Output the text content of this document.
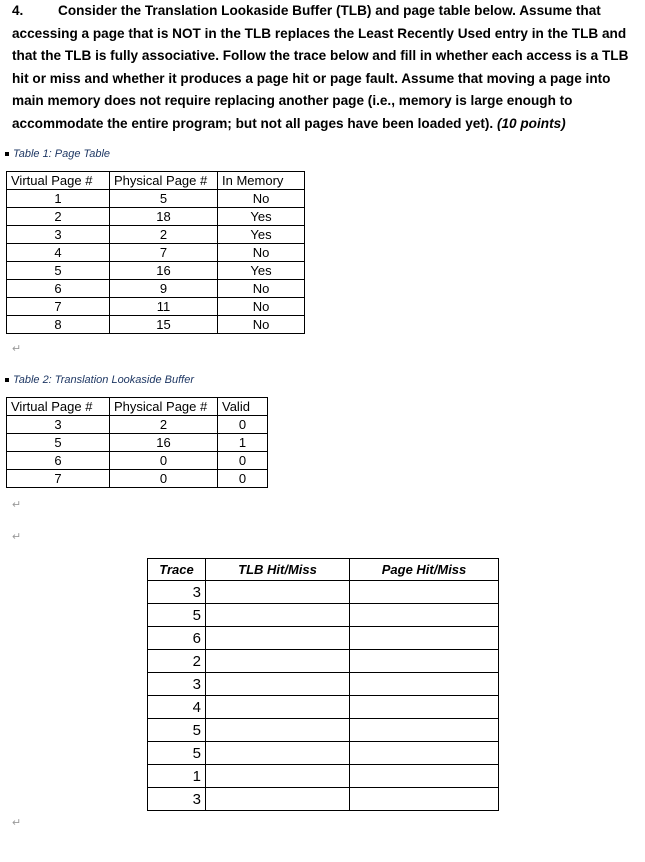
4.	Consider the Translation Lookaside Buffer (TLB) and page table below. Assume that accessing a page that is NOT in the TLB replaces the Least Recently Used entry in the TLB and that the TLB is fully associative. Follow the trace below and fill in whether each access is a TLB hit or miss and whether it produces a page hit or page fault. Assume that moving a page into main memory does not require replacing another page (i.e., memory is large enough to accommodate the entire program; but not all pages have been loaded yet). (10 points)
Table 1: Page Table
Virtual Page #	Physical Page #	In Memory
1	5	No
2	18	Yes
3	2	Yes
4	7	No
5	16	Yes
6	9	No
7	11	No
8	15	No
Table 2: Translation Lookaside Buffer
Virtual Page #	Physical Page #	Valid
3	2	0
5	16	1
6	0	0
7	0	0
↵
↵
↵
↵
Trace	TLB Hit/Miss	Page Hit/Miss
3		
5		
6		
2		
3		
4		
5		
5		
1		
3		
